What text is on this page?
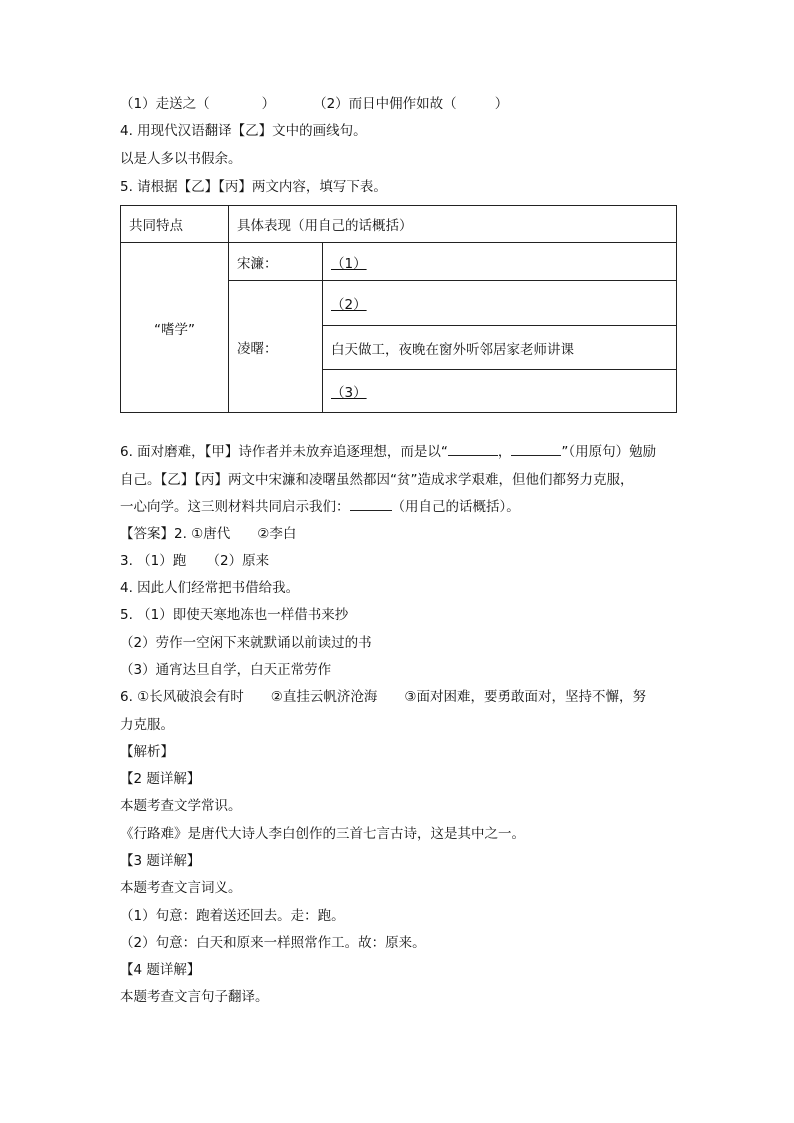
（1）走送之（	）	（2）而日中佣作如故（	）
4. 用现代汉语翻译【乙】文中的画线句。
以是人多以书假余。
5. 请根据【乙】【丙】两文内容，填写下表。
共同特点	具体表现（用自己的话概括）	
“嗜学”	宋濂：	（1）
	凌曙：	（2）
		白天做工，夜晚在窗外听邻居家老师讲课
		（3）
6. 面对磨难，【甲】诗作者并未放弃追逐理想，而是以“	，	”（用原句）勉励
自己。【乙】【丙】两文中宋濂和凌曙虽然都因“贫”造成求学艰难，但他们都努力克服，
一心向学。这三则材料共同启示我们：	（用自己的话概括）。
【答案】2. ①唐代　　②李白
3. （1）跑　　（2）原来
4. 因此人们经常把书借给我。
5. （1）即使天寒地冻也一样借书来抄
（2）劳作一空闲下来就默诵以前读过的书
（3）通宵达旦自学，白天正常劳作
6. ①长风破浪会有时　　②直挂云帆济沧海　　③面对困难，要勇敢面对，坚持不懈，努
力克服。
【解析】
【2 题详解】
本题考查文学常识。
《行路难》是唐代大诗人李白创作的三首七言古诗，这是其中之一。
【3 题详解】
本题考查文言词义。
（1）句意：跑着送还回去。走：跑。
（2）句意：白天和原来一样照常作工。故：原来。
【4 题详解】
本题考查文言句子翻译。
